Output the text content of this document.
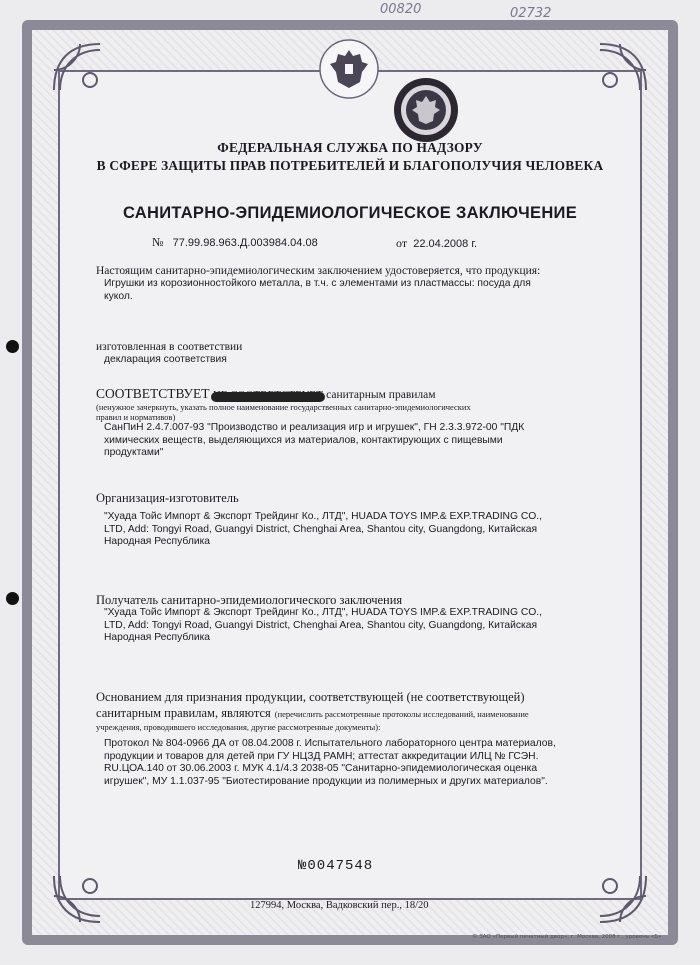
00820	02732
ФЕДЕРАЛЬНАЯ СЛУЖБА ПО НАДЗОРУ
В СФЕРЕ ЗАЩИТЫ ПРАВ ПОТРЕБИТЕЛЕЙ И БЛАГОПОЛУЧИЯ ЧЕЛОВЕКА
САНИТАРНО-ЭПИДЕМИОЛОГИЧЕСКОЕ ЗАКЛЮЧЕНИЕ
№ 77.99.98.963.Д.003984.04.08	от 22.04.2008 г.
Настоящим санитарно-эпидемиологическим заключением удостоверяется, что продукция:
Игрушки из корозионностойкого металла, в т.ч. с элементами из пластмассы: посуда для
кукол.
изготовленная в соответствии
декларация соответствия
СООТВЕТСТВУЕТ	санитарным правилам
(ненужное зачеркнуть, указать полное наименование государственных санитарно-эпидемиологических
правил и нормативов)
СанПиН 2.4.7.007-93 "Производство и реализация игр и игрушек", ГН 2.3.3.972-00 "ПДК
химических веществ, выделяющихся из материалов, контактирующих с пищевыми
продуктами"
Организация-изготовитель
"Хуада Тойс Импорт & Экспорт Трейдинг Ко., ЛТД", HUADA TOYS IMP.& EXP.TRADING CO.,
LTD, Add: Tongyi Road, Guangyi District, Chenghai Area, Shantou city, Guangdong, Китайская
Народная Республика
Получатель санитарно-эпидемиологического заключения
"Хуада Тойс Импорт & Экспорт Трейдинг Ко., ЛТД", HUADA TOYS IMP.& EXP.TRADING CO.,
LTD, Add: Tongyi Road, Guangyi District, Chenghai Area, Shantou city, Guangdong, Китайская
Народная Республика
Основанием для признания продукции, соответствующей (не соответствующей)
санитарным правилам, являются (перечислить рассмотренные протоколы исследований, наименование
учреждения, проводившего исследования, другие рассмотренные документы):
Протокол № 804-0966 ДА от 08.04.2008 г. Испытательного лабораторного центра материалов,
продукции и товаров для детей при ГУ НЦЗД РАМН; аттестат аккредитации ИЛЦ № ГСЭН.
RU.ЦОА.140 от 30.06.2003 г. МУК 4.1/4.3 2038-05 "Санитарно-эпидемиологическая оценка
игрушек", МУ 1.1.037-95 "Биотестирование продукции из полимерных и других материалов".
№0047548
127994, Москва, Вадковский пер., 18/20
© ЗАО «Первый печатный двор», г. Москва, 2008 г., уровень «Б»
